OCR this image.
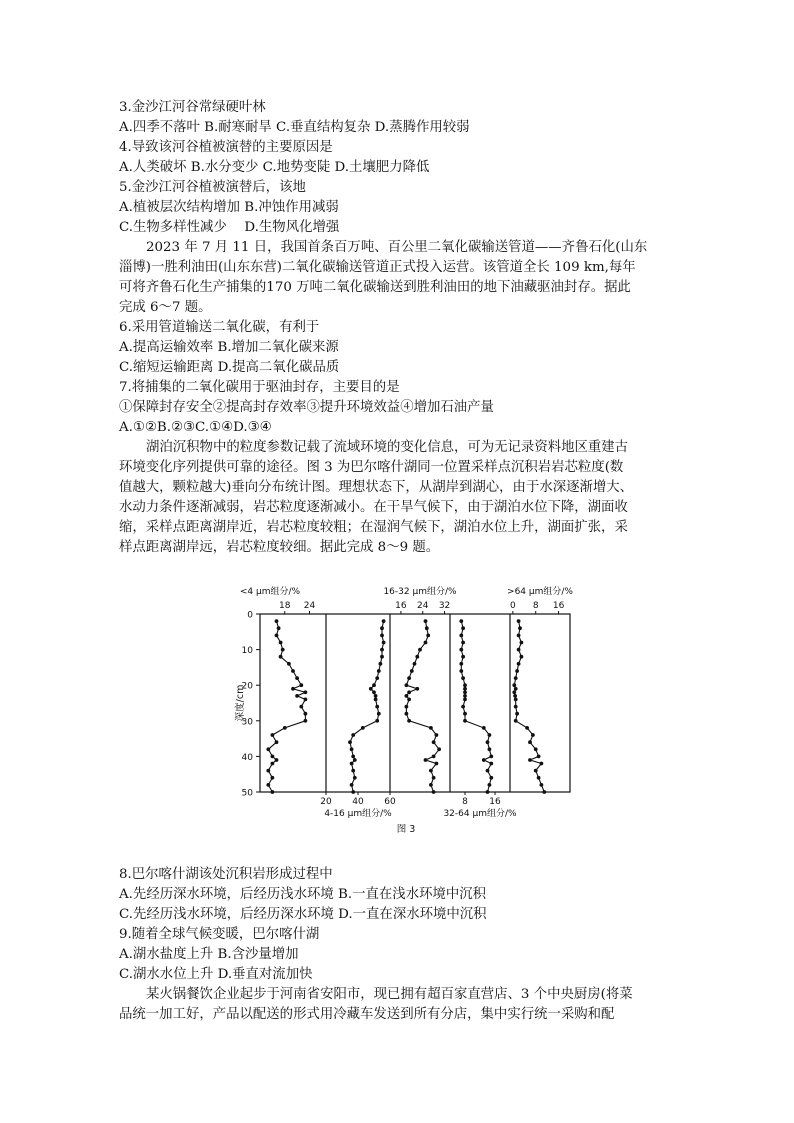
3.金沙江河谷常绿硬叶林
A.四季不落叶 B.耐寒耐旱 C.垂直结构复杂 D.蒸腾作用较弱
4.导致该河谷植被演替的主要原因是
A.人类破坏 B.水分变少 C.地势变陡 D.土壤肥力降低
5.金沙江河谷植被演替后，该地
A.植被层次结构增加 B.冲蚀作用减弱
C.生物多样性减少　 D.生物风化增强
2023 年 7 月 11 日，我国首条百万吨、百公里二氧化碳输送管道——齐鲁石化(山东
淄博)一胜利油田(山东东营)二氧化碳输送管道正式投入运营。该管道全长 109 km,每年
可将齐鲁石化生产捕集的170 万吨二氧化碳输送到胜利油田的地下油藏驱油封存。据此
完成 6～7 题。
6.采用管道输送二氧化碳，有利于
A.提高运输效率 B.增加二氧化碳来源
C.缩短运输距离 D.提高二氧化碳品质
7.将捕集的二氧化碳用于驱油封存，主要目的是
①保障封存安全②提高封存效率③提升环境效益④增加石油产量
A.①②B.②③C.①④D.③④
湖泊沉积物中的粒度参数记载了流域环境的变化信息，可为无记录资料地区重建古
环境变化序列提供可靠的途径。图 3 为巴尔喀什湖同一位置采样点沉积岩岩芯粒度(数
值越大，颗粒越大)垂向分布统计图。理想状态下，从湖岸到湖心，由于水深逐渐增大、
水动力条件逐渐减弱，岩芯粒度逐渐减小。在干旱气候下，由于湖泊水位下降，湖面收
缩，采样点距离湖岸近，岩芯粒度较粗；在湿润气候下，湖泊水位上升，湖面扩张，采
样点距离湖岸远，岩芯粒度较细。据此完成 8～9 题。
8.巴尔喀什湖该处沉积岩形成过程中
A.先经历深水环境，后经历浅水环境 B.一直在浅水环境中沉积
C.先经历浅水环境，后经历深水环境 D.一直在深水环境中沉积
9.随着全球气候变暖，巴尔喀什湖
A.湖水盐度上升 B.含沙量增加
C.湖水水位上升 D.垂直对流加快
某火锅餐饮企业起步于河南省安阳市，现已拥有超百家直营店、3 个中央厨房(将菜
品统一加工好，产品以配送的形式用冷藏车发送到所有分店，集中实行统一采购和配
0
10
20
30
40
50
深度/cm
<4 μm组分/%
18 24
20 40 60
16-32 μm组分/%
16 24 32
8 16
>64 μm组分/%
0 8 16
4-16 μm组分/%	32-64 μm组分/%
图 3
